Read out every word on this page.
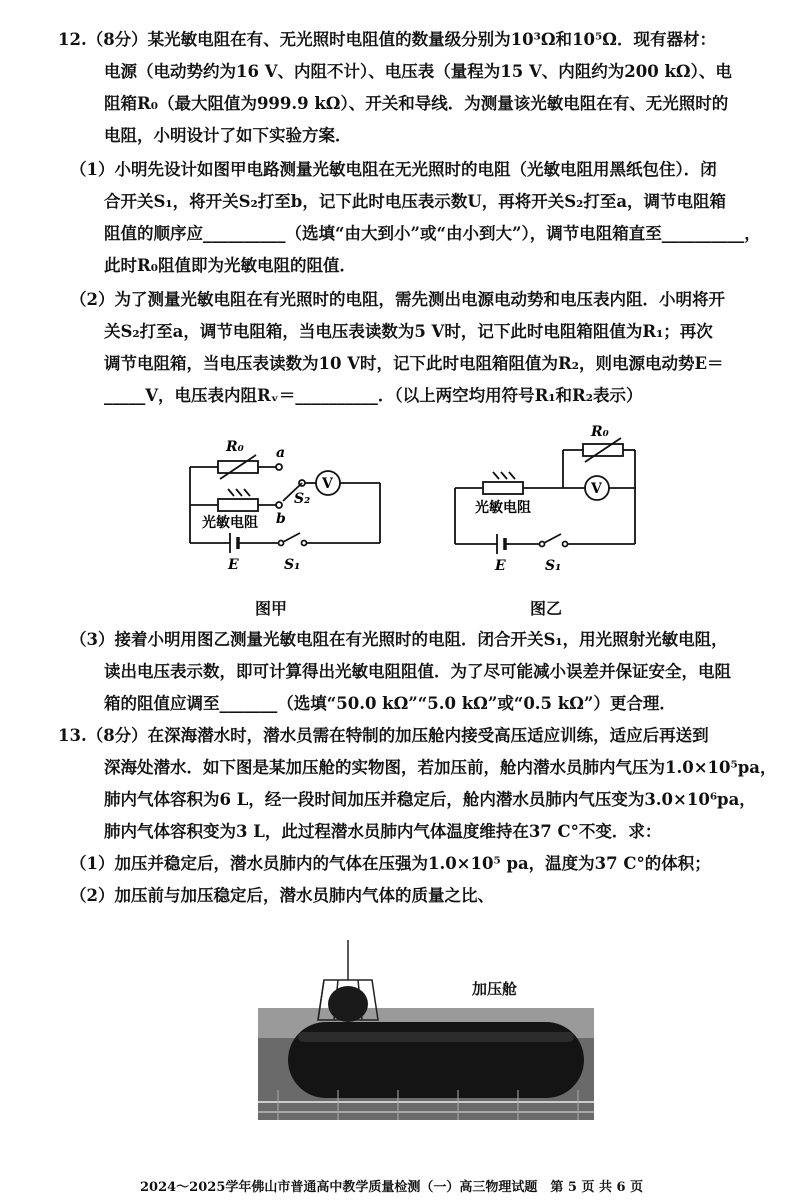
12.（8分）某光敏电阻在有、无光照时电阻值的数量级分别为10³Ω和10⁵Ω．现有器材：
电源（电动势约为16 V、内阻不计）、电压表（量程为15 V、内阻约为200 kΩ）、电
阻箱R₀（最大阻值为999.9 kΩ）、开关和导线．为测量该光敏电阻在有、无光照时的
电阻，小明设计了如下实验方案．
（1）小明先设计如图甲电路测量光敏电阻在无光照时的电阻（光敏电阻用黑纸包住）．闭
合开关S₁，将开关S₂打至b，记下此时电压表示数U，再将开关S₂打至a，调节电阻箱
阻值的顺序应__________（选填“由大到小”或“由小到大”），调节电阻箱直至__________，
此时R₀阻值即为光敏电阻的阻值．
（2）为了测量光敏电阻在有光照时的电阻，需先测出电源电动势和电压表内阻．小明将开
关S₂打至a，调节电阻箱，当电压表读数为5 V时，记下此时电阻箱阻值为R₁；再次
调节电阻箱，当电压表读数为10 V时，记下此时电阻箱阻值为R₂，则电源电动势E＝
_____V，电压表内阻Rᵥ＝__________．（以上两空均用符号R₁和R₂表示）
R₀ a
b
S₂
V
光敏电阻
E	S₁
图甲
R₀
V
光敏电阻
E	S₁
图乙
（3）接着小明用图乙测量光敏电阻在有光照时的电阻．闭合开关S₁，用光照射光敏电阻，
读出电压表示数，即可计算得出光敏电阻阻值．为了尽可能减小误差并保证安全，电阻
箱的阻值应调至_______（选填“50.0 kΩ”“5.0 kΩ”或“0.5 kΩ”）更合理．
13.（8分）在深海潜水时，潜水员需在特制的加压舱内接受高压适应训练，适应后再送到
深海处潜水．如下图是某加压舱的实物图，若加压前，舱内潜水员肺内气压为1.0×10⁵pa，
肺内气体容积为6 L，经一段时间加压并稳定后，舱内潜水员肺内气压变为3.0×10⁶pa，
肺内气体容积变为3 L，此过程潜水员肺内气体温度维持在37 C°不变．求：
（1）加压并稳定后，潜水员肺内的气体在压强为1.0×10⁵ pa，温度为37 C°的体积；
（2）加压前与加压稳定后，潜水员肺内气体的质量之比、
加压舱
2024～2025学年佛山市普通高中教学质量检测（一）高三物理试题　第 5 页 共 6 页
